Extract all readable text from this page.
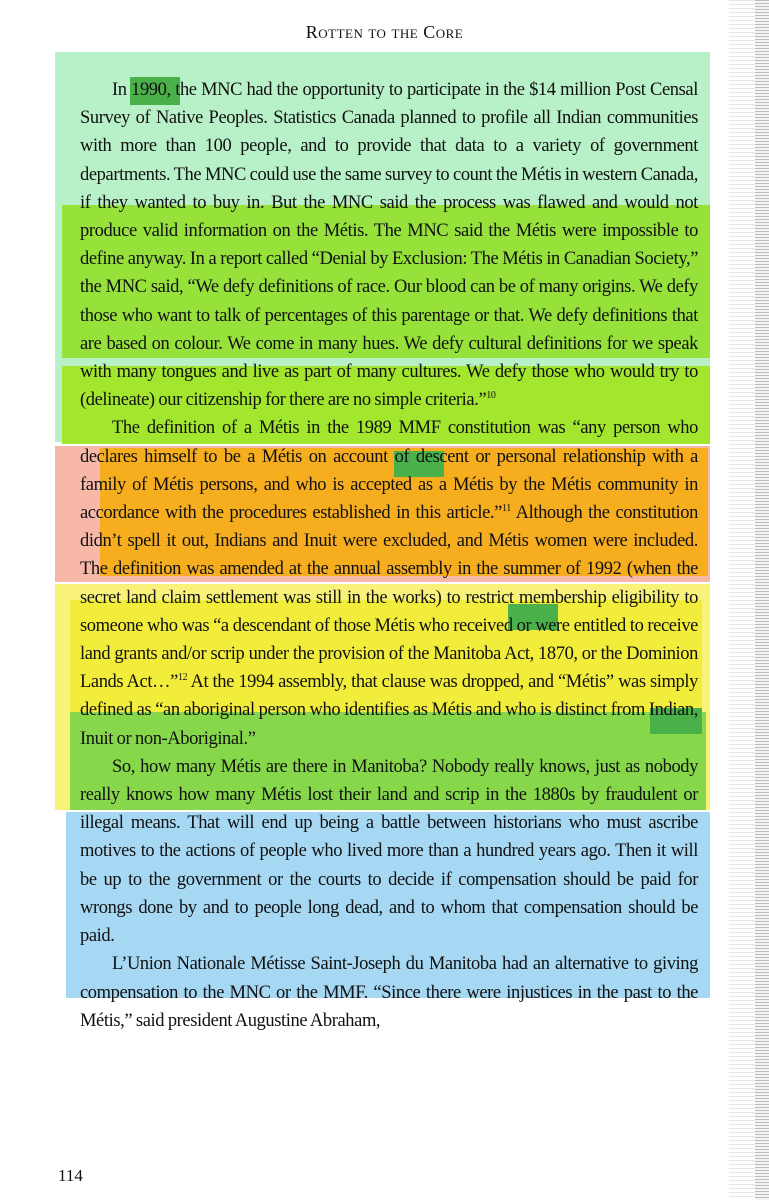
Rotten to the Core

In 1990, the MNC had the opportunity to participate in the $14 million Post Censal Survey of Native Peoples. Statistics Canada planned to profile all Indian communities with more than 100 people, and to provide that data to a variety of government departments. The MNC could use the same survey to count the Métis in western Canada, if they wanted to buy in. But the MNC said the process was flawed and would not produce valid information on the Métis. The MNC said the Métis were impossible to define anyway. In a report called “Denial by Exclusion: The Métis in Canadian Society,” the MNC said, “We defy definitions of race. Our blood can be of many origins. We defy those who want to talk of percentages of this parentage or that. We defy definitions that are based on colour. We come in many hues. We defy cultural definitions for we speak with many tongues and live as part of many cultures. We defy those who would try to (delineate) our citizenship for there are no simple criteria.”$^{10}$

The definition of a Métis in the 1989 MMF constitution was “any person who declares himself to be a Métis on account of descent or personal relationship with a family of Métis persons, and who is accepted as a Métis by the Métis community in accordance with the procedures established in this article.”$^{11}$ Although the constitution didn’t spell it out, Indians and Inuit were excluded, and Métis women were included. The definition was amended at the annual assembly in the summer of 1992 (when the secret land claim settlement was still in the works) to restrict membership eligibility to someone who was “a descendant of those Métis who received or were entitled to receive land grants and/or scrip under the provision of the Manitoba Act, 1870, or the Dominion Lands Act…”$^{12}$ At the 1994 assembly, that clause was dropped, and “Métis” was simply defined as “an aboriginal person who identifies as Métis and who is distinct from Indian, Inuit or non-Aboriginal.”

So, how many Métis are there in Manitoba? Nobody really knows, just as nobody really knows how many Métis lost their land and scrip in the 1880s by fraudulent or illegal means. That will end up being a battle between historians who must ascribe motives to the actions of people who lived more than a hundred years ago. Then it will be up to the government or the courts to decide if compensation should be paid for wrongs done by and to people long dead, and to whom that compensation should be paid.

L’Union Nationale Métisse Saint-Joseph du Manitoba had an alternative to giving compensation to the MNC or the MMF. “Since there were injustices in the past to the Métis,” said president Augustine Abraham,

114
